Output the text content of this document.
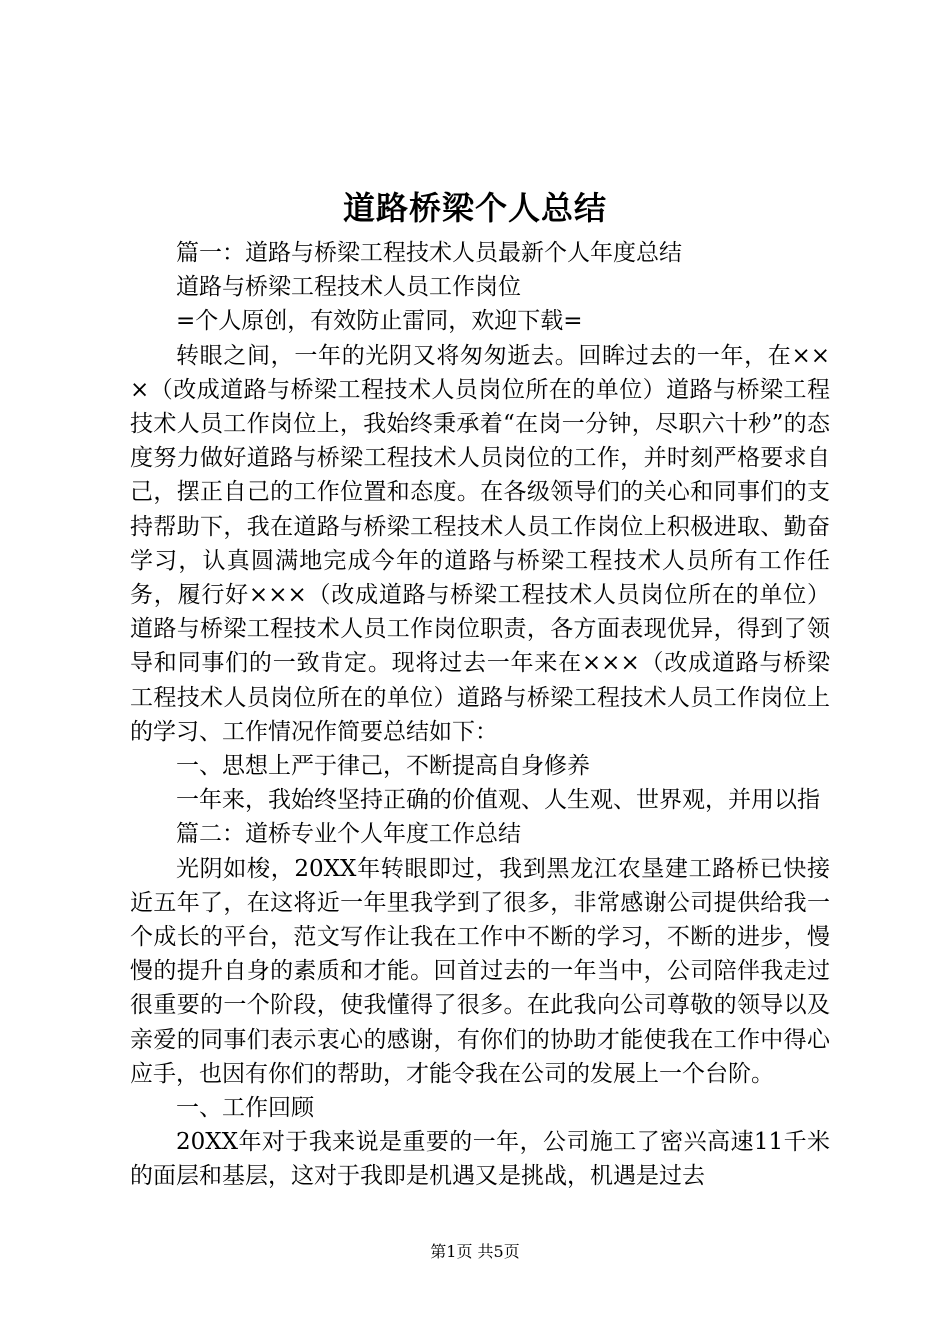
道路桥梁个人总结

篇一：道路与桥梁工程技术人员最新个人年度总结

道路与桥梁工程技术人员工作岗位

=个人原创，有效防止雷同，欢迎下载=

转眼之间，一年的光阴又将匆匆逝去。回眸过去的一年，在×××（改成道路与桥梁工程技术人员岗位所在的单位）道路与桥梁工程技术人员工作岗位上，我始终秉承着“在岗一分钟，尽职六十秒”的态度努力做好道路与桥梁工程技术人员岗位的工作，并时刻严格要求自己，摆正自己的工作位置和态度。在各级领导们的关心和同事们的支持帮助下，我在道路与桥梁工程技术人员工作岗位上积极进取、勤奋学习，认真圆满地完成今年的道路与桥梁工程技术人员所有工作任务，履行好×××（改成道路与桥梁工程技术人员岗位所在的单位）道路与桥梁工程技术人员工作岗位职责，各方面表现优异，得到了领导和同事们的一致肯定。现将过去一年来在×××（改成道路与桥梁工程技术人员岗位所在的单位）道路与桥梁工程技术人员工作岗位上的学习、工作情况作简要总结如下：

一、思想上严于律己，不断提高自身修养

一年来，我始终坚持正确的价值观、人生观、世界观，并用以指

篇二：道桥专业个人年度工作总结

光阴如梭，20XX年转眼即过，我到黑龙江农垦建工路桥已快接近五年了，在这将近一年里我学到了很多，非常感谢公司提供给我一个成长的平台，范文写作让我在工作中不断的学习，不断的进步，慢慢的提升自身的素质和才能。回首过去的一年当中，公司陪伴我走过很重要的一个阶段，使我懂得了很多。在此我向公司尊敬的领导以及亲爱的同事们表示衷心的感谢，有你们的协助才能使我在工作中得心应手，也因有你们的帮助，才能令我在公司的发展上一个台阶。

一、工作回顾

20XX年对于我来说是重要的一年，公司施工了密兴高速11千米的面层和基层，这对于我即是机遇又是挑战，机遇是过去

第1页 共5页
